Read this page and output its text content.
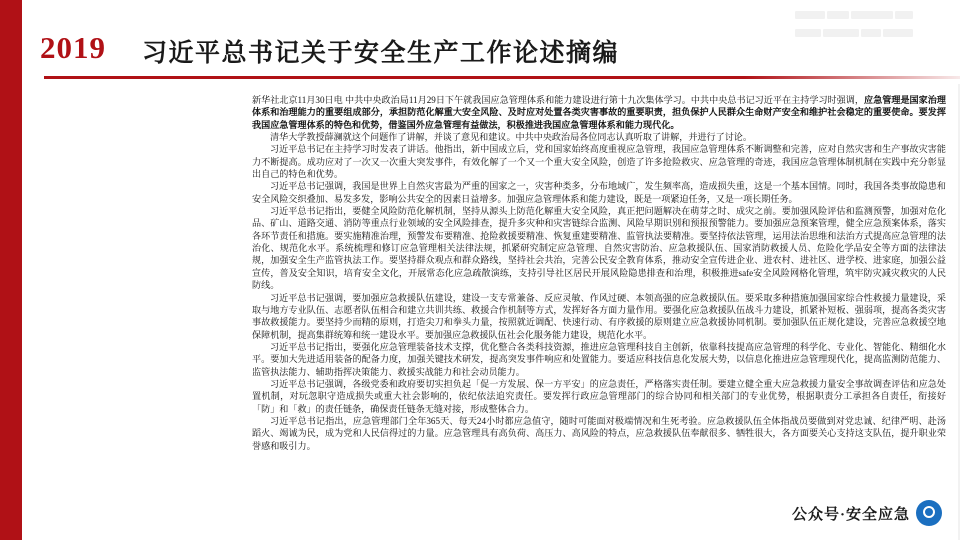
2019 习近平总书记关于安全生产工作论述摘编

新华社北京11月30日电 中共中央政治局11月29日下午就我国应急管理体系和能力建设进行第十九次集体学习。中共中央总书记习近平在主持学习时强调，应急管理是国家治理体系和治理能力的重要组成部分，承担防范化解重大安全风险、及时应对处置各类灾害事故的重要职责，担负保护人民群众生命财产安全和维护社会稳定的重要使命。要发挥我国应急管理体系的特色和优势，借鉴国外应急管理有益做法，积极推进我国应急管理体系和能力现代化。

清华大学教授薛澜就这个问题作了讲解，并谈了意见和建议。中共中央政治局各位同志认真听取了讲解，并进行了讨论。

习近平总书记在主持学习时发表了讲话。他指出，新中国成立后，党和国家始终高度重视应急管理，我国应急管理体系不断调整和完善，应对自然灾害和生产事故灾害能力不断提高。成功应对了一次又一次重大突发事件，有效化解了一个又一个重大安全风险，创造了许多抢险救灾、应急管理的奇迹，我国应急管理体制机制在实践中充分彰显出自己的特色和优势。

习近平总书记强调，我国是世界上自然灾害最为严重的国家之一，灾害种类多，分布地域广，发生频率高，造成损失重，这是一个基本国情。同时，我国各类事故隐患和安全风险交织叠加、易发多发，影响公共安全的因素日益增多。加强应急管理体系和能力建设，既是一项紧迫任务，又是一项长期任务。

习近平总书记指出，要健全风险防范化解机制，坚持从源头上防范化解重大安全风险，真正把问题解决在萌芽之时、成灾之前。要加强风险评估和监测预警，加强对危化品、矿山、道路交通、消防等重点行业领域的安全风险排查，提升多灾种和灾害链综合监测、风险早期识别和预报预警能力。要加强应急预案管理，健全应急预案体系，落实各环节责任和措施。要实施精准治理，预警发布要精准、抢险救援要精准、恢复重建要精准、监管执法要精准。要坚持依法管理，运用法治思维和法治方式提高应急管理的法治化、规范化水平。系统梳理和修订应急管理相关法律法规，抓紧研究制定应急管理、自然灾害防治、应急救援队伍、国家消防救援人员、危险化学品安全等方面的法律法规，加强安全生产监管执法工作。要坚持群众观点和群众路线，坚持社会共治，完善公民安全教育体系，推动安全宣传进企业、进农村、进社区、进学校、进家庭，加强公益宣传，普及安全知识，培育安全文化，开展常态化应急疏散演练，支持引导社区居民开展风险隐患排查和治理，积极推进safe安全风险网格化管理，筑牢防灾减灾救灾的人民防线。

习近平总书记强调，要加强应急救援队伍建设，建设一支专常兼备、反应灵敏、作风过硬、本领高强的应急救援队伍。要采取多种措施加强国家综合性救援力量建设，采取与地方专业队伍、志愿者队伍相合和建立共训共练、救援合作机制等方式，发挥好各方面力量作用。要强化应急救援队伍战斗力建设，抓紧补短板、强弱项，提高各类灾害事故救援能力。要坚持少而精的原则，打造尖刀和拳头力量，按照就近调配、快速行动、有序救援的原则建立应急救援协同机制。要加强队伍正规化建设，完善应急救援空地保障机制，提高集群统筹和统一建设水平。要加强应急救援队伍社会化服务能力建设，规范化水平。

习近平总书记指出，要强化应急管理装备技术支撑，优化整合各类科技资源，推进应急管理科技自主创新，依靠科技提高应急管理的科学化、专业化、智能化、精细化水平。要加大先进适用装备的配备力度，加强关键技术研发，提高突发事件响应和处置能力。要适应科技信息化发展大势，以信息化推进应急管理现代化，提高监测防范能力、监管执法能力、辅助指挥决策能力、救援实战能力和社会动员能力。

习近平总书记强调，各级党委和政府要切实担负起「促一方发展、保一方平安」的应急责任，严格落实责任制。要建立健全重大应急救援力量安全事故调查评估和应急处置机制，对玩忽职守造成损失或重大社会影响的，依纪依法追究责任。要发挥行政应急管理部门的综合协同和相关部门的专业优势，根据职责分工承担各自责任，衔接好「防」和「救」的责任链条，确保责任链条无缝对接，形成整体合力。

习近平总书记指出，应急管理部门全年365天、每天24小时都应急值守，随时可能面对极端情况和生死考验。应急救援队伍全体指战员要做到对党忠诚、纪律严明、赴汤蹈火、竭诚为民，成为党和人民信得过的力量。应急管理具有高负荷、高压力、高风险的特点，应急救援队伍奉献很多、牺牲很大，各方面要关心支持这支队伍，提升职业荣誉感和吸引力。

公众号·安全应急
